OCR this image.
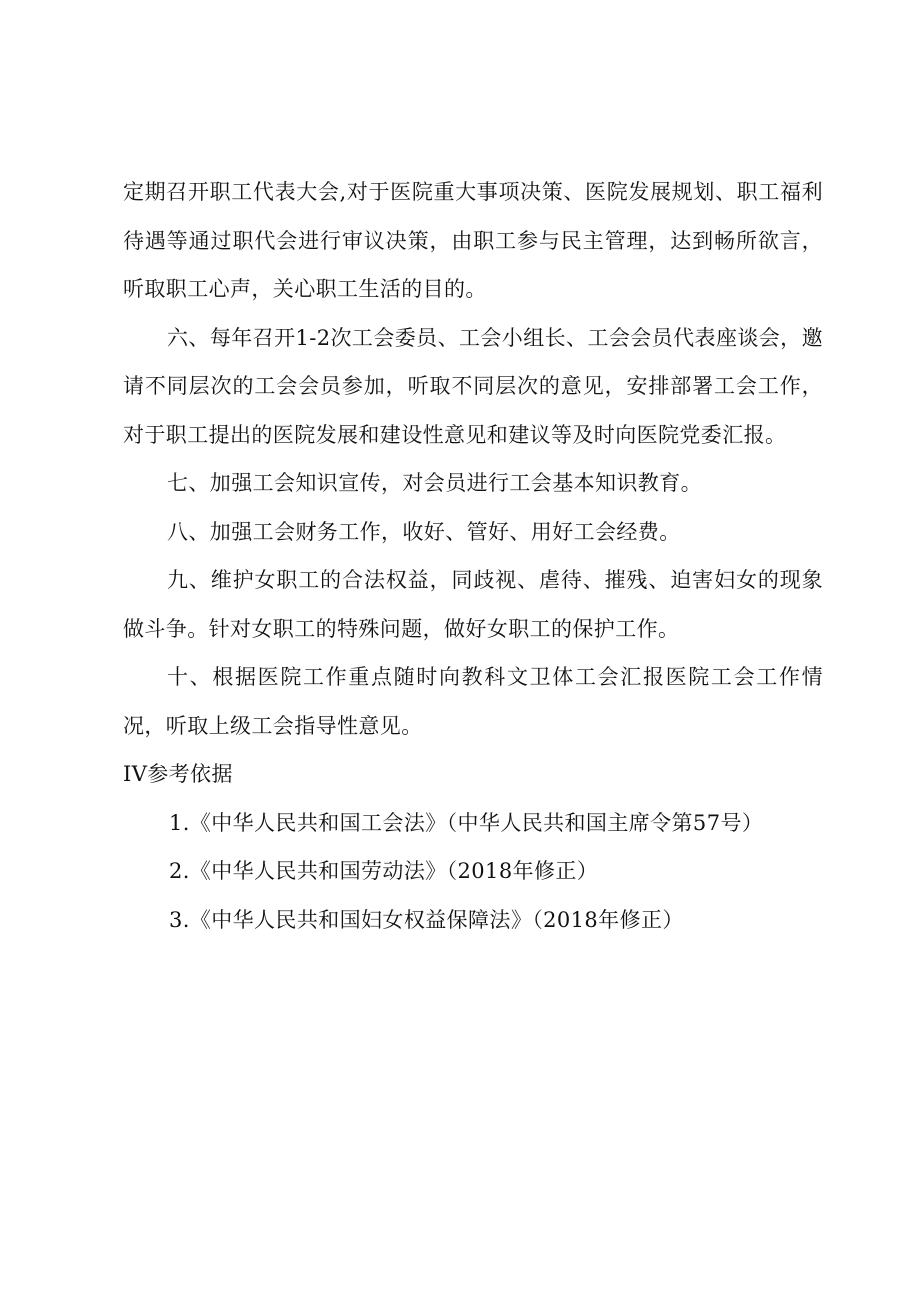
定期召开职工代表大会,对于医院重大事项决策、医院发展规划、职工福利待遇等通过职代会进行审议决策，由职工参与民主管理，达到畅所欲言，听取职工心声，关心职工生活的目的。

六、每年召开1-2次工会委员、工会小组长、工会会员代表座谈会，邀请不同层次的工会会员参加，听取不同层次的意见，安排部署工会工作，对于职工提出的医院发展和建设性意见和建议等及时向医院党委汇报。

七、加强工会知识宣传，对会员进行工会基本知识教育。

八、加强工会财务工作，收好、管好、用好工会经费。

九、维护女职工的合法权益，同歧视、虐待、摧残、迫害妇女的现象做斗争。针对女职工的特殊问题，做好女职工的保护工作。

十、根据医院工作重点随时向教科文卫体工会汇报医院工会工作情况，听取上级工会指导性意见。

IV参考依据

1.《中华人民共和国工会法》（中华人民共和国主席令第57号）

2.《中华人民共和国劳动法》（2018年修正）

3.《中华人民共和国妇女权益保障法》（2018年修正）
